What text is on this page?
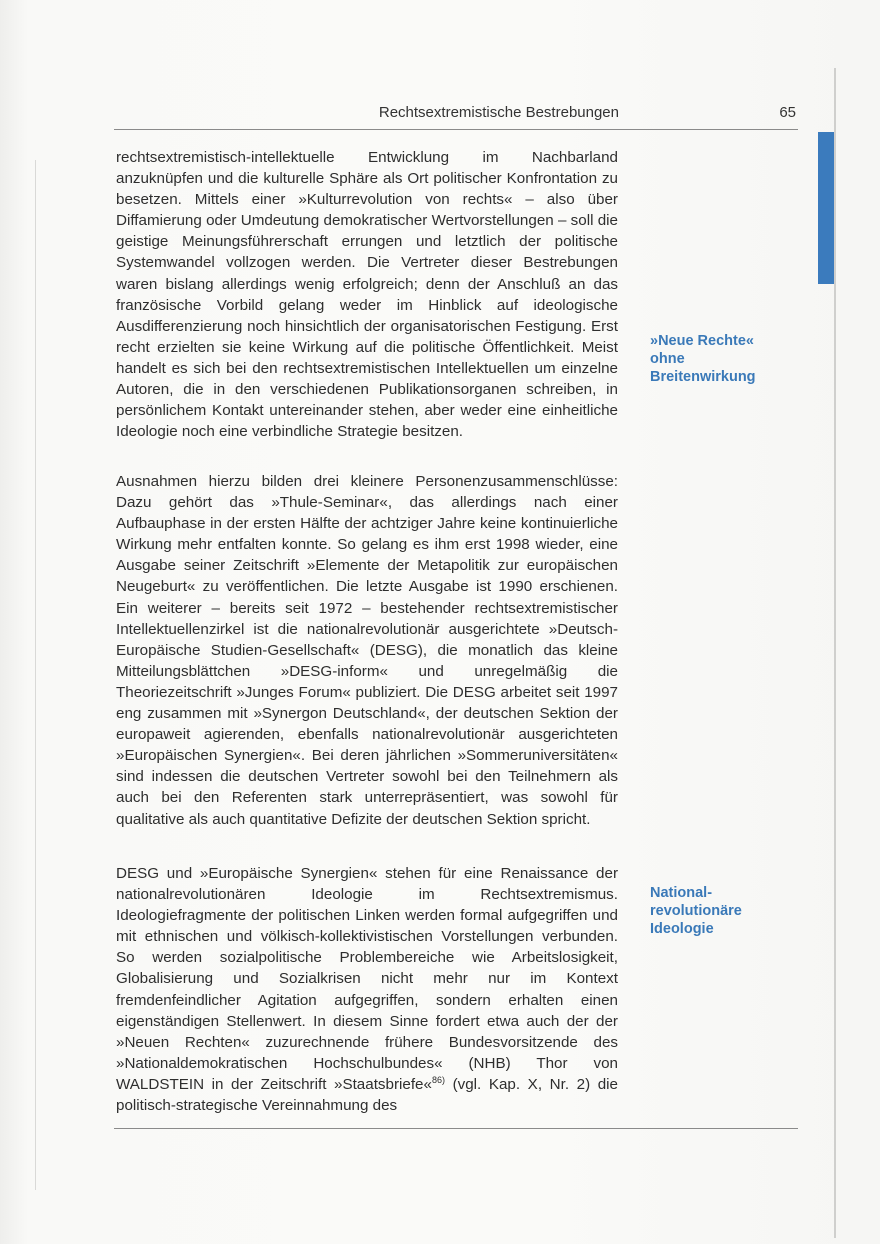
Rechtsextremistische Bestrebungen	65

rechtsextremistisch-intellektuelle Entwicklung im Nachbarland anzuknüpfen und die kulturelle Sphäre als Ort politischer Konfrontation zu besetzen. Mittels einer »Kulturrevolution von rechts« – also über Diffamierung oder Umdeutung demokratischer Wertvorstellungen – soll die geistige Meinungsführerschaft errungen und letztlich der politische Systemwandel vollzogen werden. Die Vertreter dieser Bestrebungen waren bislang allerdings wenig erfolgreich; denn der Anschluß an das französische Vorbild gelang weder im Hinblick auf ideologische Ausdifferenzierung noch hinsichtlich der organisatorischen Festigung. Erst recht erzielten sie keine Wirkung auf die politische Öffentlichkeit. Meist handelt es sich bei den rechtsextremistischen Intellektuellen um einzelne Autoren, die in den verschiedenen Publikationsorganen schreiben, in persönlichem Kontakt untereinander stehen, aber weder eine einheitliche Ideologie noch eine verbindliche Strategie besitzen.

Ausnahmen hierzu bilden drei kleinere Personenzusammenschlüsse: Dazu gehört das »Thule-Seminar«, das allerdings nach einer Aufbauphase in der ersten Hälfte der achtziger Jahre keine kontinuierliche Wirkung mehr entfalten konnte. So gelang es ihm erst 1998 wieder, eine Ausgabe seiner Zeitschrift »Elemente der Metapolitik zur europäischen Neugeburt« zu veröffentlichen. Die letzte Ausgabe ist 1990 erschienen. Ein weiterer – bereits seit 1972 – bestehender rechtsextremistischer Intellektuellenzirkel ist die nationalrevolutionär ausgerichtete »Deutsch-Europäische Studien-Gesellschaft« (DESG), die monatlich das kleine Mitteilungsblättchen »DESG-inform« und unregelmäßig die Theoriezeitschrift »Junges Forum« publiziert. Die DESG arbeitet seit 1997 eng zusammen mit »Synergon Deutschland«, der deutschen Sektion der europaweit agierenden, ebenfalls nationalrevolutionär ausgerichteten »Europäischen Synergien«. Bei deren jährlichen »Sommeruniversitäten« sind indessen die deutschen Vertreter sowohl bei den Teilnehmern als auch bei den Referenten stark unterrepräsentiert, was sowohl für qualitative als auch quantitative Defizite der deutschen Sektion spricht.

DESG und »Europäische Synergien« stehen für eine Renaissance der nationalrevolutionären Ideologie im Rechtsextremismus. Ideologiefragmente der politischen Linken werden formal aufgegriffen und mit ethnischen und völkisch-kollektivistischen Vorstellungen verbunden. So werden sozialpolitische Problembereiche wie Arbeitslosigkeit, Globalisierung und Sozialkrisen nicht mehr nur im Kontext fremdenfeindlicher Agitation aufgegriffen, sondern erhalten einen eigenständigen Stellenwert. In diesem Sinne fordert etwa auch der der »Neuen Rechten« zuzurechnende frühere Bundesvorsitzende des »Nationaldemokratischen Hochschulbundes« (NHB) Thor von WALDSTEIN in der Zeitschrift »Staatsbriefe«$^{86)}$ (vgl. Kap. X, Nr. 2) die politisch-strategische Vereinnahmung des

»Neue Rechte«
ohne
Breitenwirkung
National-
revolutionäre
Ideologie
